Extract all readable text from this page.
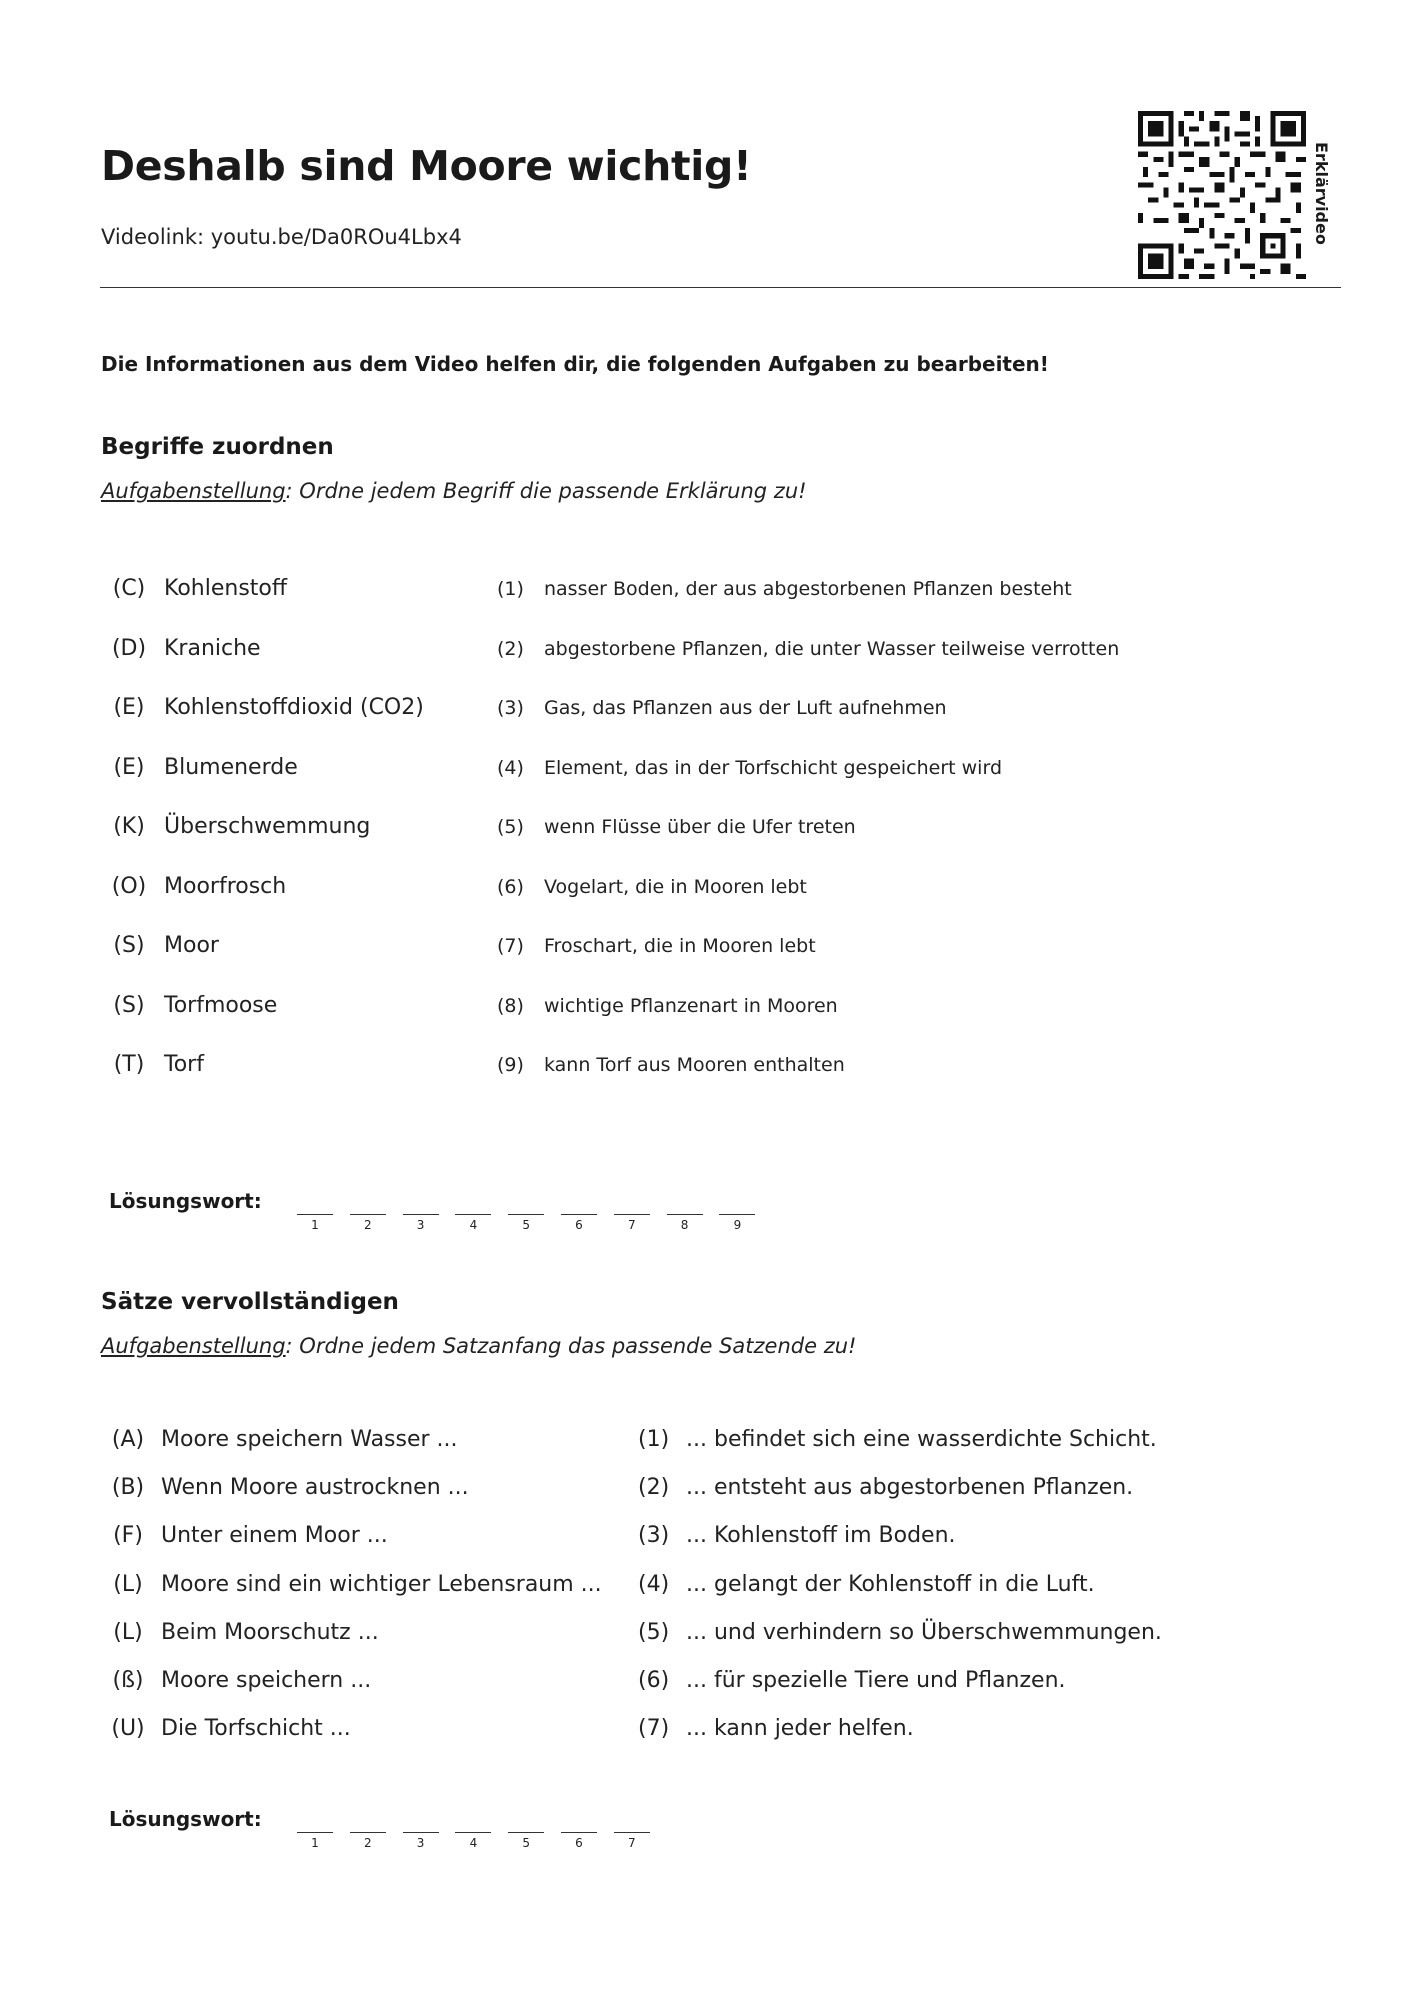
Deshalb sind Moore wichtig!
Videolink: youtu.be/Da0ROu4Lbx4	Erklärvideo
Die Informationen aus dem Video helfen dir, die folgenden Aufgaben zu bearbeiten!
Begriffe zuordnen
Aufgabenstellung: Ordne jedem Begriff die passende Erklärung zu!
(C) Kohlenstoff	(1) nasser Boden, der aus abgestorbenen Pflanzen besteht
(D) Kraniche	(2) abgestorbene Pflanzen, die unter Wasser teilweise verrotten
(E) Kohlenstoffdioxid (CO2)	(3) Gas, das Pflanzen aus der Luft aufnehmen
(E) Blumenerde	(4) Element, das in der Torfschicht gespeichert wird
(K) Überschwemmung	(5) wenn Flüsse über die Ufer treten
(O) Moorfrosch	(6) Vogelart, die in Mooren lebt
(S) Moor	(7) Froschart, die in Mooren lebt
(S) Torfmoose	(8) wichtige Pflanzenart in Mooren
(T) Torf	(9) kann Torf aus Mooren enthalten
Lösungswort:
1	2	3	4	5	6	7	8	9
Sätze vervollständigen
Aufgabenstellung: Ordne jedem Satzanfang das passende Satzende zu!
(A) Moore speichern Wasser ...	(1) ... befindet sich eine wasserdichte Schicht.
(B) Wenn Moore austrocknen ...	(2) ... entsteht aus abgestorbenen Pflanzen.
(F) Unter einem Moor ...	(3) ... Kohlenstoff im Boden.
(L) Moore sind ein wichtiger Lebensraum ... (4) ... gelangt der Kohlenstoff in die Luft.
(L) Beim Moorschutz ...	(5) ... und verhindern so Überschwemmungen.
(ß) Moore speichern ...	(6) ... für spezielle Tiere und Pflanzen.
(U) Die Torfschicht ...	(7) ... kann jeder helfen.
Lösungswort:
1	2	3	4	5	6	7
